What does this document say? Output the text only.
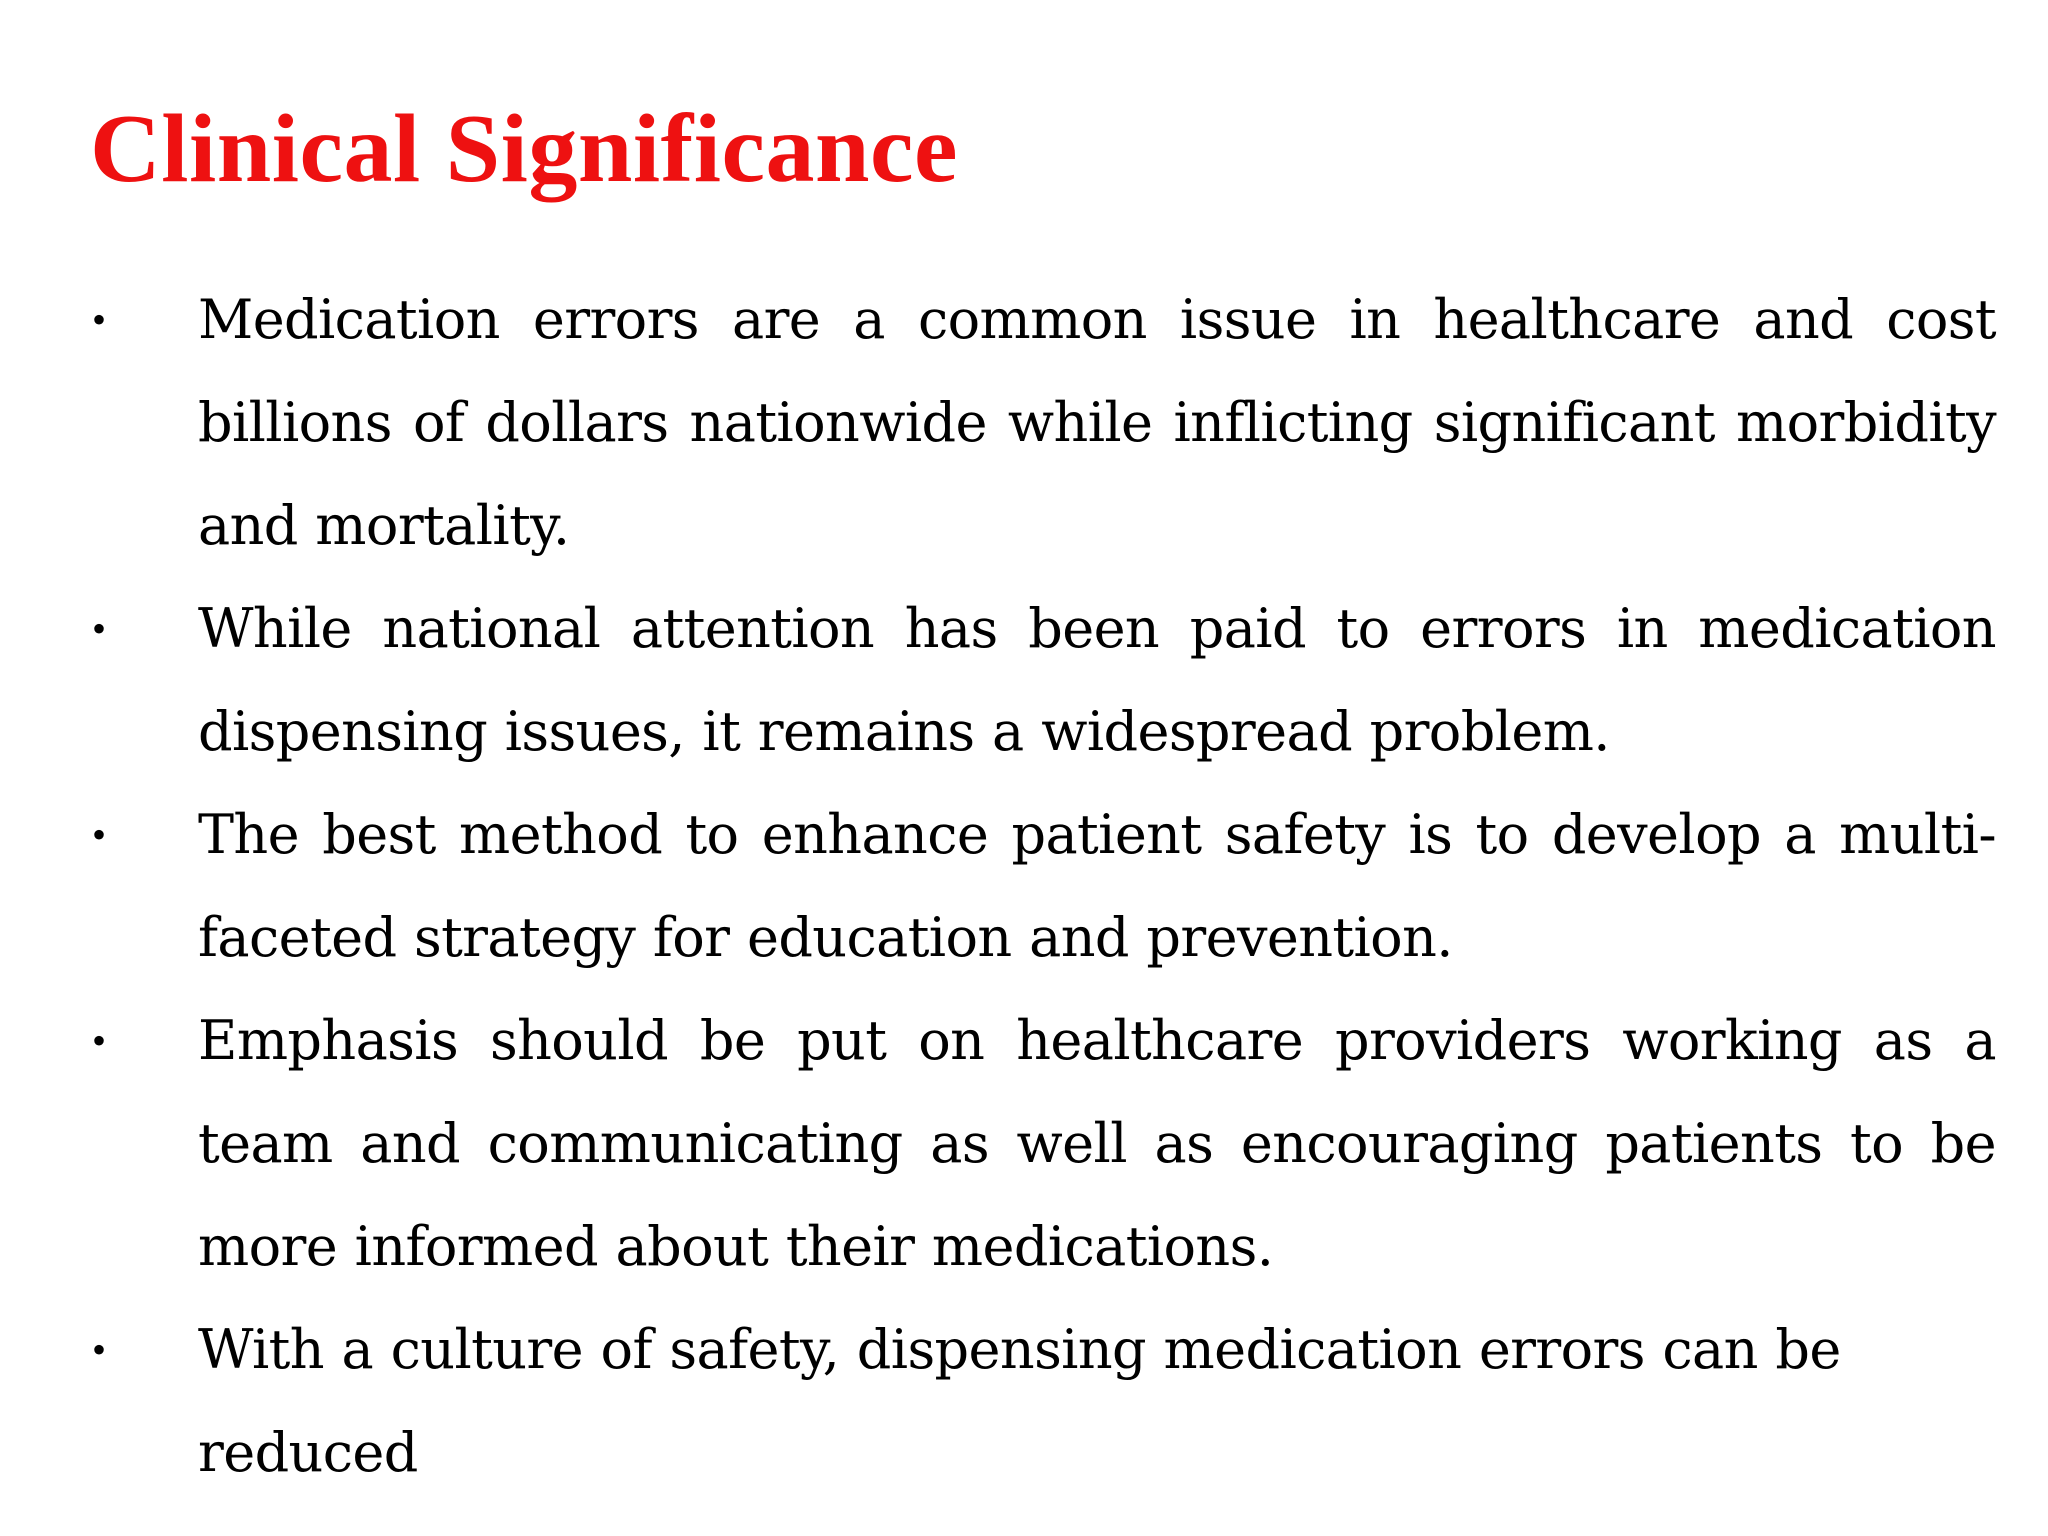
Clinical Significance
•	Medication errors are a common issue in healthcare and cost billions of dollars nationwide while inflicting significant morbidity and mortality.
•	While national attention has been paid to errors in medication dispensing issues, it remains a widespread problem.
•	The best method to enhance patient safety is to develop a multi-faceted strategy for education and prevention.
•	Emphasis should be put on healthcare providers working as a team and communicating as well as encouraging patients to be more informed about their medications.
•	With a culture of safety, dispensing medication errors can be reduced
